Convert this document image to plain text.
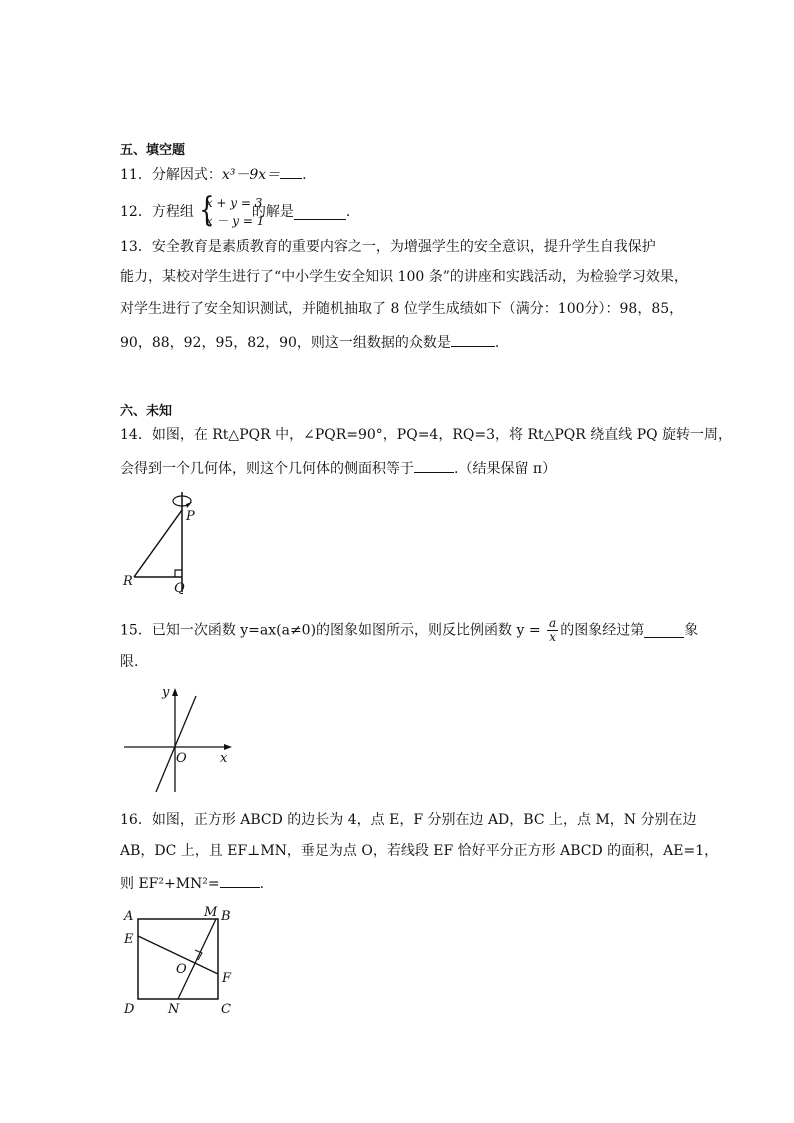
五、填空题
11．分解因式：x³－9x＝ .
12．方程组 {
x + y = 3
x － y = 1
的解是	.
13．安全教育是素质教育的重要内容之一，为增强学生的安全意识，提升学生自我保护
能力，某校对学生进行了“中小学生安全知识 100 条”的讲座和实践活动，为检验学习效果，
对学生进行了安全知识测试，并随机抽取了 8 位学生成绩如下（满分：100分）：98，85，
90，88，92，95，82，90，则这一组数据的众数是	.
六、未知
14．如图，在 Rt△PQR 中，∠PQR=90°，PQ=4，RQ=3，将 Rt△PQR 绕直线 PQ 旋转一周，
会得到一个几何体，则这个几何体的侧面积等于	.（结果保留 π）
P
R	Q
15．已知一次函数 y=ax(a≠0)的图象如图所示，则反比例函数 $y = \frac{a}{x}$ 的图象经过第	象
限.
y
x
O
16．如图，正方形 ABCD 的边长为 4，点 E，F 分别在边 AD，BC 上，点 M，N 分别在边
AB，DC 上，且 EF⊥MN，垂足为点 O，若线段 EF 恰好平分正方形 ABCD 的面积，AE=1，
则 EF²+MN²=	.
A	B
C
D
E
F
M
N
O
